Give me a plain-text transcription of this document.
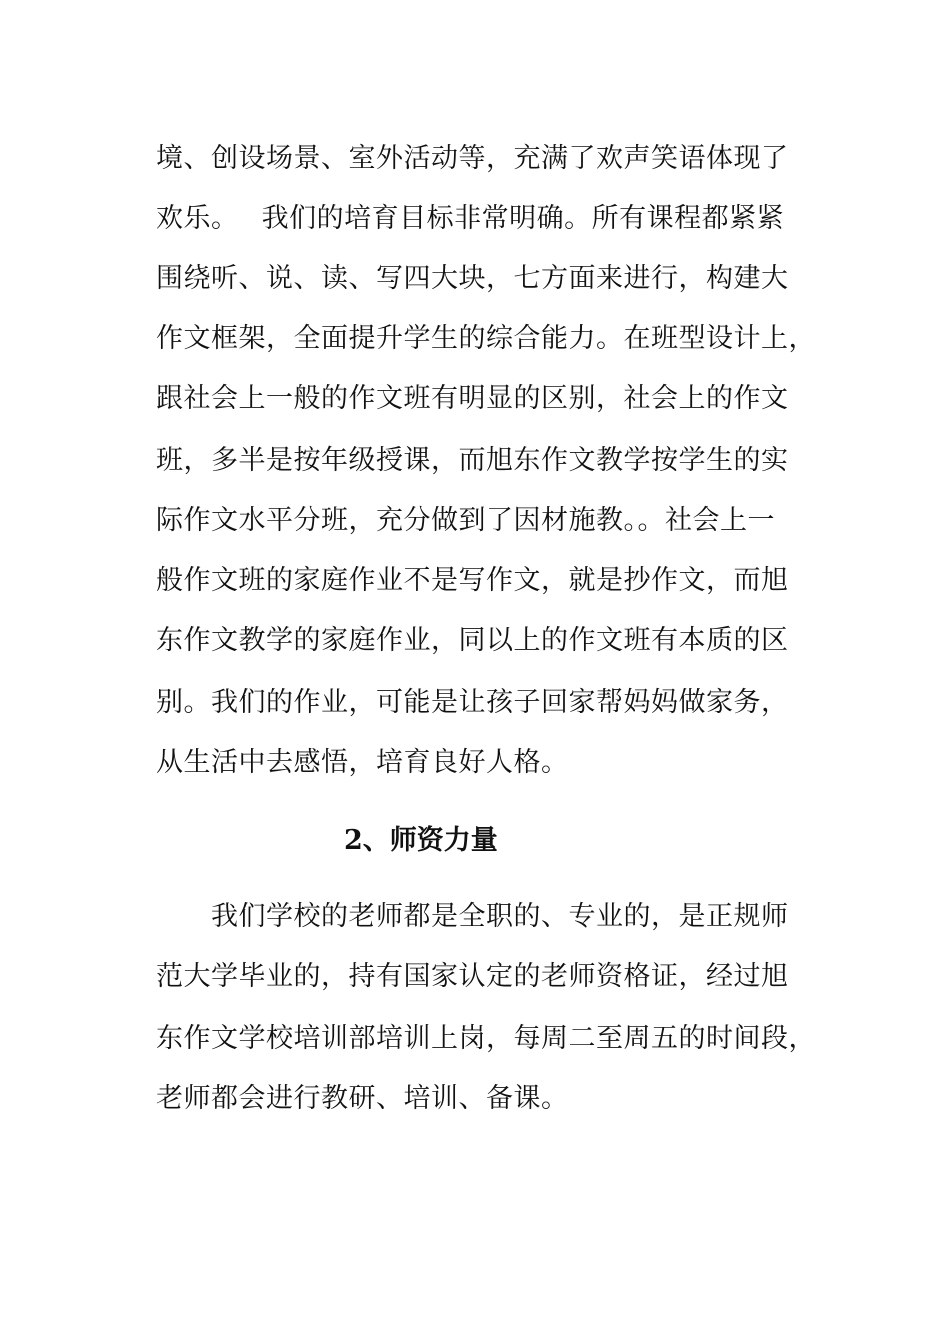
境、创设场景、室外活动等，充满了欢声笑语体现了
欢乐。　 我们的培育目标非常明确。所有课程都紧紧
围绕听、说、读、写四大块，七方面来进行，构建大
作文框架，全面提升学生的综合能力。在班型设计上，
跟社会上一般的作文班有明显的区别，社会上的作文
班，多半是按年级授课，而旭东作文教学按学生的实
际作文水平分班，充分做到了因材施教。。社会上一
般作文班的家庭作业不是写作文，就是抄作文，而旭
东作文教学的家庭作业，同以上的作文班有本质的区
别。我们的作业，可能是让孩子回家帮妈妈做家务，
从生活中去感悟，培育良好人格。
2、师资力量
　　我们学校的老师都是全职的、专业的，是正规师
范大学毕业的，持有国家认定的老师资格证，经过旭
东作文学校培训部培训上岗，每周二至周五的时间段，
老师都会进行教研、培训、备课。
